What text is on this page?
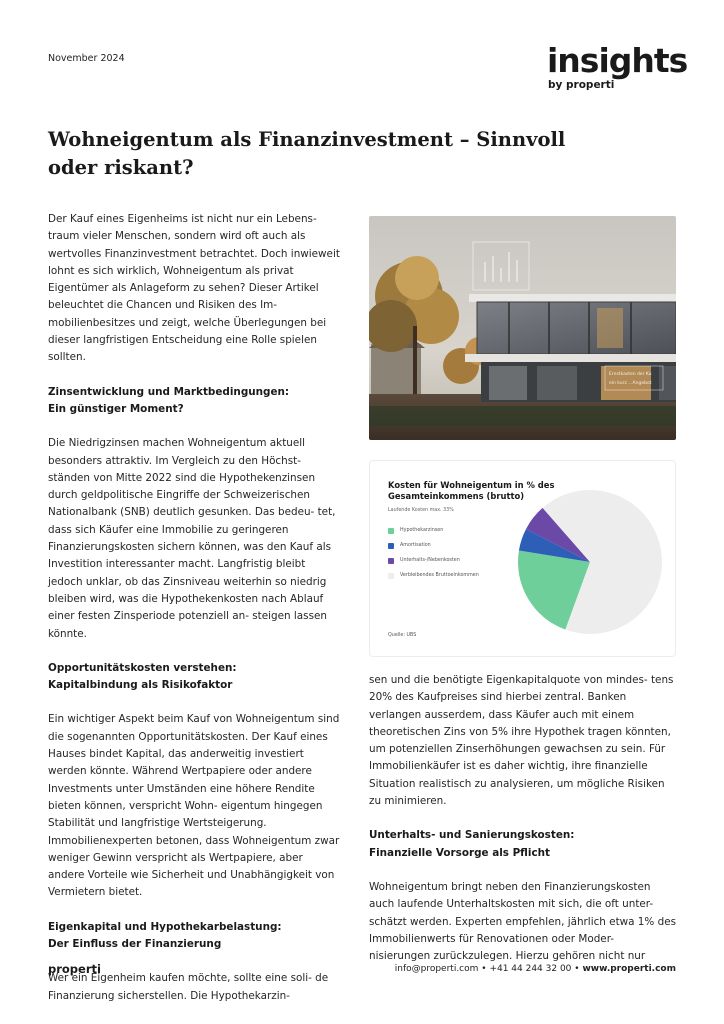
November 2024	insights
by properti
Wohneigentum als Finanzinvestment – Sinnvoll oder riskant?

Der Kauf eines Eigenheims ist nicht nur ein Lebens- traum vieler Menschen, sondern wird oft auch als wertvolles Finanzinvestment betrachtet. Doch inwieweit lohnt es sich wirklich, Wohneigentum als privat Eigentümer als Anlageform zu sehen? Dieser Artikel beleuchtet die Chancen und Risiken des Im- mobilienbesitzes und zeigt, welche Überlegungen bei dieser langfristigen Entscheidung eine Rolle spielen sollten.

Zinsentwicklung und Marktbedingungen:
Ein günstiger Moment?

Die Niedrigzinsen machen Wohneigentum aktuell besonders attraktiv. Im Vergleich zu den Höchst- ständen von Mitte 2022 sind die Hypothekenzinsen durch geldpolitische Eingriffe der Schweizerischen Nationalbank (SNB) deutlich gesunken. Das bedeu- tet, dass sich Käufer eine Immobilie zu geringeren Finanzierungskosten sichern können, was den Kauf als Investition interessanter macht. Langfristig bleibt jedoch unklar, ob das Zinsniveau weiterhin so niedrig bleiben wird, was die Hypothekenkosten nach Ablauf einer festen Zinsperiode potenziell an- steigen lassen könnte.

Opportunitätskosten verstehen:
Kapitalbindung als Risikofaktor

Ein wichtiger Aspekt beim Kauf von Wohneigentum sind die sogenannten Opportunitätskosten. Der Kauf eines Hauses bindet Kapital, das anderweitig investiert werden könnte. Während Wertpapiere oder andere Investments unter Umständen eine höhere Rendite bieten können, verspricht Wohn- eigentum hingegen Stabilität und langfristige Wertsteigerung. Immobilienexperten betonen, dass Wohneigentum zwar weniger Gewinn verspricht als Wertpapiere, aber andere Vorteile wie Sicherheit und Unabhängigkeit von Vermietern bietet.

Eigenkapital und Hypothekarbelastung:
Der Einfluss der Finanzierung

Wer ein Eigenheim kaufen möchte, sollte eine soli- de Finanzierung sicherstellen. Die Hypothekarzin-

Ernstkasten der Ku
ein kurz ...Angebot
Kosten für Wohneigentum in % des Gesamteinkommens (brutto)
Laufende Kosten max. 33%
Hypothekarzinsen
Amortisation
Unterhalts-/Nebenkosten
Verbleibendes Bruttoeinkommen
Quelle: UBS

sen und die benötigte Eigenkapitalquote von mindes- tens 20% des Kaufpreises sind hierbei zentral. Banken verlangen ausserdem, dass Käufer auch mit einem theoretischen Zins von 5% ihre Hypothek tragen könnten, um potenziellen Zinserhöhungen gewachsen zu sein. Für Immobilienkäufer ist es daher wichtig, ihre finanzielle Situation realistisch zu analysieren, um mögliche Risiken zu minimieren.

Unterhalts- und Sanierungskosten:
Finanzielle Vorsorge als Pflicht

Wohneigentum bringt neben den Finanzierungskosten auch laufende Unterhaltskosten mit sich, die oft unter- schätzt werden. Experten empfehlen, jährlich etwa 1% des Immobilienwerts für Renovationen oder Moder- nisierungen zurückzulegen. Hierzu gehören nicht nur

properti	info@properti.com • +41 44 244 32 00 • www.properti.com
